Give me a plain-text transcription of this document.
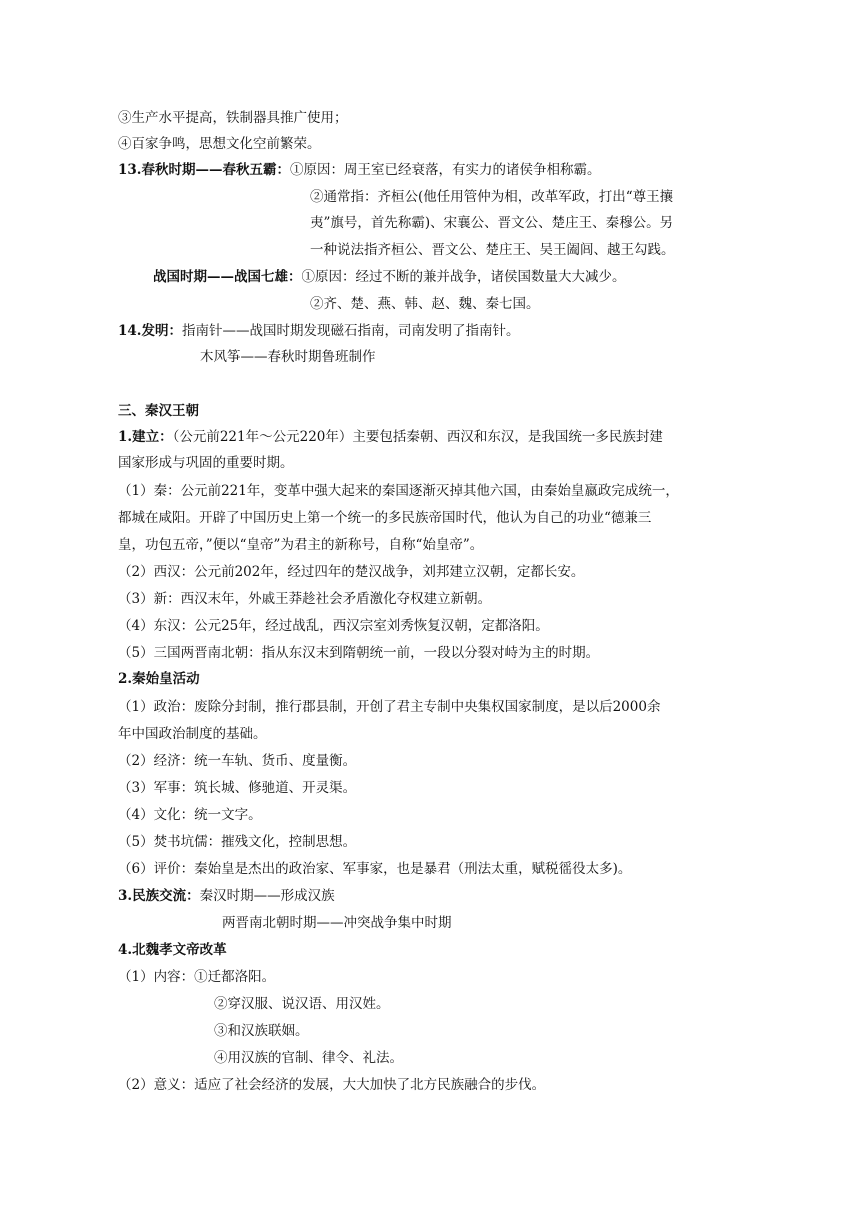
③生产水平提高，铁制器具推广使用；
④百家争鸣，思想文化空前繁荣。
13.春秋时期——春秋五霸：①原因：周王室已经衰落，有实力的诸侯争相称霸。
②通常指：齐桓公(他任用管仲为相，改革军政，打出“尊王攘
夷”旗号，首先称霸)、宋襄公、晋文公、楚庄王、秦穆公。另
一种说法指齐桓公、晋文公、楚庄王、吴王阖闾、越王勾践。
战国时期——战国七雄：①原因：经过不断的兼并战争，诸侯国数量大大减少。
②齐、楚、燕、韩、赵、魏、秦七国。
14.发明：指南针——战国时期发现磁石指南，司南发明了指南针。
木风筝——春秋时期鲁班制作
三、秦汉王朝
1.建立：（公元前221年～公元220年）主要包括秦朝、西汉和东汉，是我国统一多民族封建
国家形成与巩固的重要时期。
（1）秦：公元前221年，变革中强大起来的秦国逐渐灭掉其他六国，由秦始皇嬴政完成统一，
都城在咸阳。开辟了中国历史上第一个统一的多民族帝国时代，他认为自己的功业“德兼三
皇，功包五帝，”便以“皇帝”为君主的新称号，自称“始皇帝”。
（2）西汉：公元前202年，经过四年的楚汉战争，刘邦建立汉朝，定都长安。
（3）新：西汉末年，外戚王莽趁社会矛盾激化夺权建立新朝。
（4）东汉：公元25年，经过战乱，西汉宗室刘秀恢复汉朝，定都洛阳。
（5）三国两晋南北朝：指从东汉末到隋朝统一前，一段以分裂对峙为主的时期。
2.秦始皇活动
（1）政治：废除分封制，推行郡县制，开创了君主专制中央集权国家制度，是以后2000余
年中国政治制度的基础。
（2）经济：统一车轨、货币、度量衡。
（3）军事：筑长城、修驰道、开灵渠。
（4）文化：统一文字。
（5）焚书坑儒：摧残文化，控制思想。
（6）评价：秦始皇是杰出的政治家、军事家，也是暴君（刑法太重，赋税徭役太多)。
3.民族交流：秦汉时期——形成汉族
两晋南北朝时期——冲突战争集中时期
4.北魏孝文帝改革
（1）内容：①迁都洛阳。
②穿汉服、说汉语、用汉姓。
③和汉族联姻。
④用汉族的官制、律令、礼法。
（2）意义：适应了社会经济的发展，大大加快了北方民族融合的步伐。
